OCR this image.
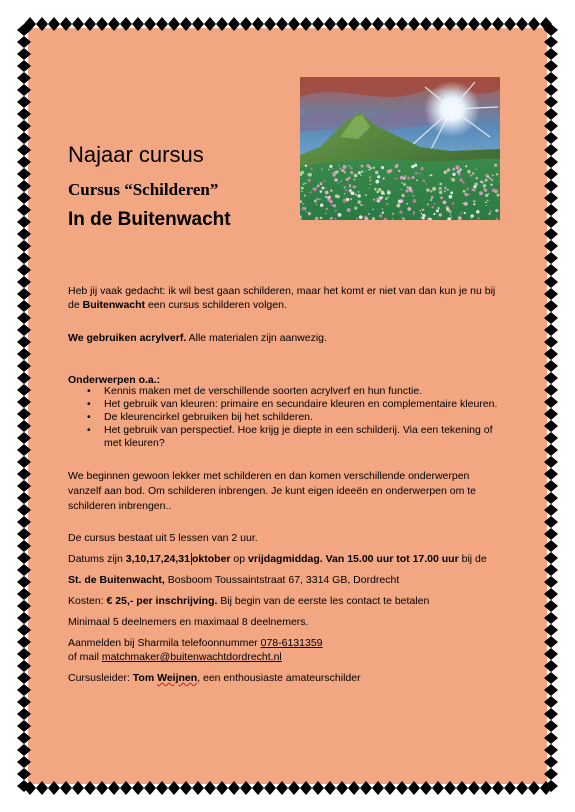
Najaar cursus
Cursus “Schilderen”
In de Buitenwacht
Heb jij vaak gedacht: ik wil best gaan schilderen, maar het komt er niet van dan kun je nu bij
de Buitenwacht een cursus schilderen volgen.
We gebruiken acrylverf. Alle materialen zijn aanwezig.
Onderwerpen o.a.:
• Kennis maken met de verschillende soorten acrylverf en hun functie.
• Het gebruik van kleuren: primaire en secundaire kleuren en complementaire kleuren.
• De kleurencirkel gebruiken bij het schilderen.
• Het gebruik van perspectief. Hoe krijg je diepte in een schilderij. Via een tekening of met kleuren?
We beginnen gewoon lekker met schilderen en dan komen verschillende onderwerpen
vanzelf aan bod. Om schilderen inbrengen. Je kunt eigen ideeën en onderwerpen om te
schilderen inbrengen..
De cursus bestaat uit 5 lessen van 2 uur.
Datums zijn 3,10,17,24,31 oktober op vrijdagmiddag. Van 15.00 uur tot 17.00 uur bij de
St. de Buitenwacht, Bosboom Toussaintstraat 67, 3314 GB, Dordrecht
Kosten: € 25,- per inschrijving. Bij begin van de eerste les contact te betalen
Minimaal 5 deelnemers en maximaal 8 deelnemers.
Aanmelden bij Sharmila telefoonnummer 078-6131359
of mail matchmaker@buitenwachtdordrecht.nl
Cursusleider: Tom Weijnen, een enthousiaste amateurschilder
